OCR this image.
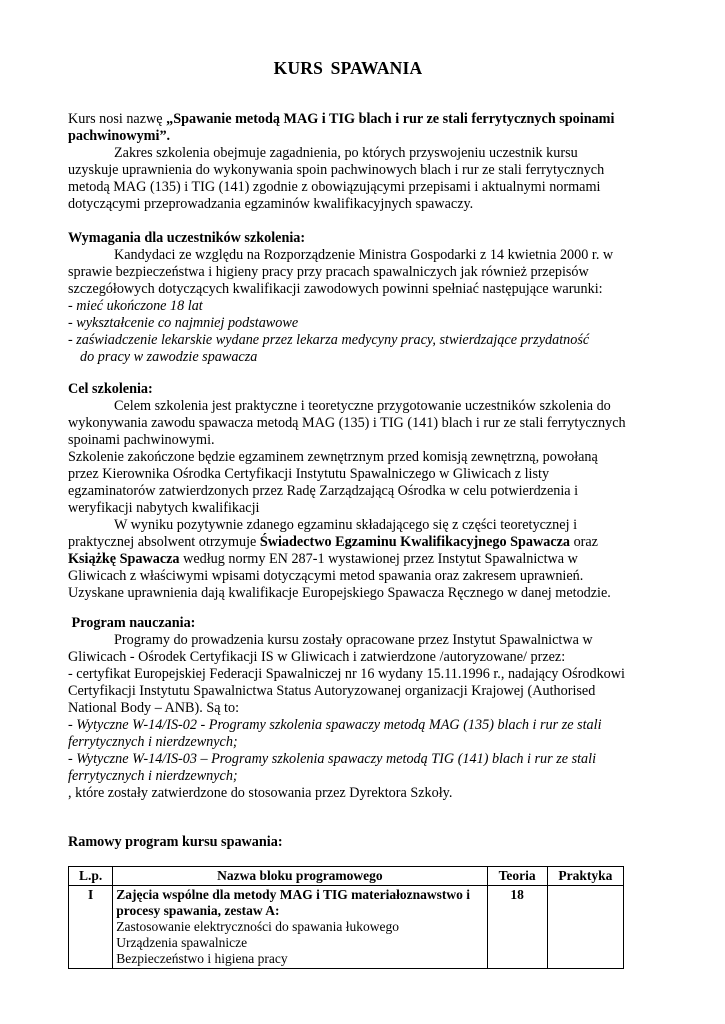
KURS SPAWANIA

Kurs nosi nazwę „Spawanie metodą MAG i TIG blach i rur ze stali ferrytycznych spoinami pachwinowymi”.

Zakres szkolenia obejmuje zagadnienia, po których przyswojeniu uczestnik kursu uzyskuje uprawnienia do wykonywania spoin pachwinowych blach i rur ze stali ferrytycznych metodą MAG (135) i TIG (141) zgodnie z obowiązującymi przepisami i aktualnymi normami dotyczącymi przeprowadzania egzaminów kwalifikacyjnych spawaczy.

Wymagania dla uczestników szkolenia:

Kandydaci ze względu na Rozporządzenie Ministra Gospodarki z 14 kwietnia 2000 r. w sprawie bezpieczeństwa i higieny pracy przy pracach spawalniczych jak również przepisów szczegółowych dotyczących kwalifikacji zawodowych powinni spełniać następujące warunki:

- mieć ukończone 18 lat

- wykształcenie co najmniej podstawowe

- zaświadczenie lekarskie wydane przez lekarza medycyny pracy, stwierdzające przydatność

do pracy w zawodzie spawacza

Cel szkolenia:

Celem szkolenia jest praktyczne i teoretyczne przygotowanie uczestników szkolenia do wykonywania zawodu spawacza metodą MAG (135) i TIG (141) blach i rur ze stali ferrytycznych spoinami pachwinowymi.

Szkolenie zakończone będzie egzaminem zewnętrznym przed komisją zewnętrzną, powołaną przez Kierownika Ośrodka Certyfikacji Instytutu Spawalniczego w Gliwicach z listy egzaminatorów zatwierdzonych przez Radę Zarządzającą Ośrodka w celu potwierdzenia i weryfikacji nabytych kwalifikacji

W wyniku pozytywnie zdanego egzaminu składającego się z części teoretycznej i praktycznej absolwent otrzymuje Świadectwo Egzaminu Kwalifikacyjnego Spawacza oraz Książkę Spawacza według normy EN 287-1 wystawionej przez Instytut Spawalnictwa w Gliwicach z właściwymi wpisami dotyczącymi metod spawania oraz zakresem uprawnień.

Uzyskane uprawnienia dają kwalifikacje Europejskiego Spawacza Ręcznego w danej metodzie.

Program nauczania:

Programy do prowadzenia kursu zostały opracowane przez Instytut Spawalnictwa w Gliwicach - Ośrodek Certyfikacji IS w Gliwicach i zatwierdzone /autoryzowane/ przez:

- certyfikat Europejskiej Federacji Spawalniczej nr 16 wydany 15.11.1996 r., nadający Ośrodkowi Certyfikacji Instytutu Spawalnictwa Status Autoryzowanej organizacji Krajowej (Authorised National Body – ANB). Są to:

- Wytyczne W-14/IS-02 - Programy szkolenia spawaczy metodą MAG (135) blach i rur ze stali ferrytycznych i nierdzewnych;

- Wytyczne W-14/IS-03 – Programy szkolenia spawaczy metodą TIG (141) blach i rur ze stali ferrytycznych i nierdzewnych;

, które zostały zatwierdzone do stosowania przez Dyrektora Szkoły.

Ramowy program kursu spawania:

L.p.	Nazwa bloku programowego	Teoria	Praktyka
I	Zajęcia wspólne dla metody MAG i TIG materiałoznawstwo i procesy spawania, zestaw A:
Zastosowanie elektryczności do spawania łukowego
Urządzenia spawalnicze
Bezpieczeństwo i higiena pracy	18	
